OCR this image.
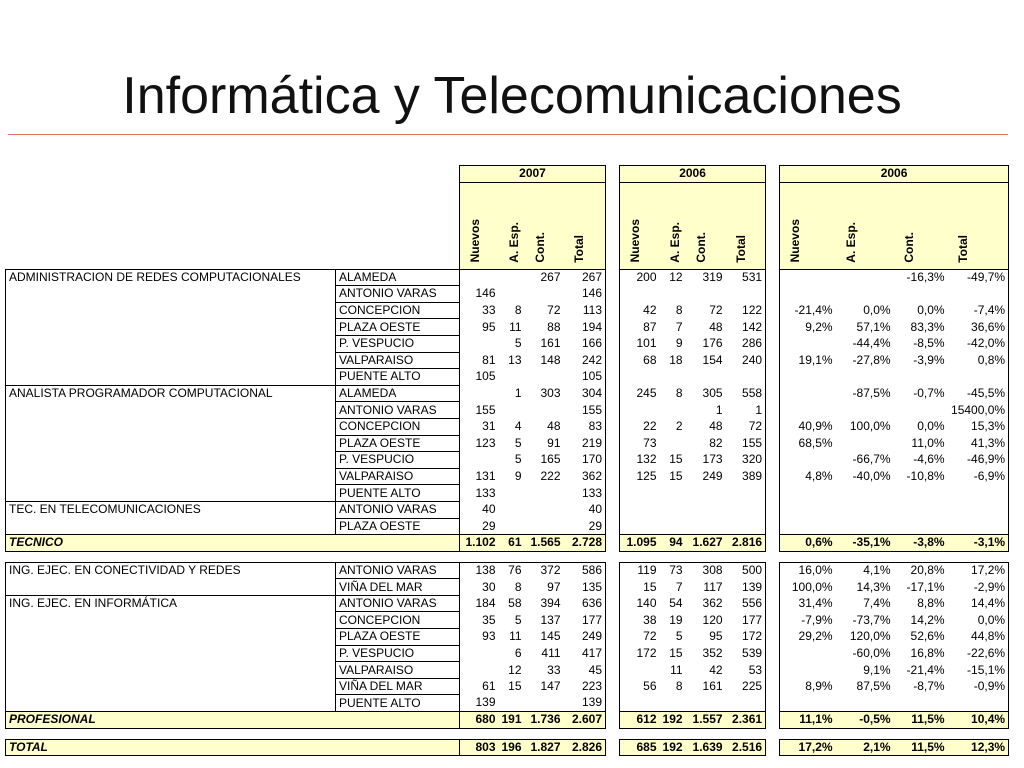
Informática y Telecomunicaciones
		2007					2006					2006			
		Nuevos	A. Esp.	Cont.	Total		Nuevos	A. Esp.	Cont.	Total		Nuevos	A. Esp.	Cont.	Total
ADMINISTRACION DE REDES COMPUTACIONALES	ALAMEDA			267	267		200	12	319	531				-16,3%	-49,7%
	ANTONIO VARAS	146			146										
	CONCEPCION	33	8	72	113		42	8	72	122		-21,4%	0,0%	0,0%	-7,4%
	PLAZA OESTE	95	11	88	194		87	7	48	142		9,2%	57,1%	83,3%	36,6%
	P. VESPUCIO		5	161	166		101	9	176	286			-44,4%	-8,5%	-42,0%
	VALPARAISO	81	13	148	242		68	18	154	240		19,1%	-27,8%	-3,9%	0,8%
	PUENTE ALTO	105			105										
ANALISTA PROGRAMADOR COMPUTACIONAL	ALAMEDA		1	303	304		245	8	305	558			-87,5%	-0,7%	-45,5%
	ANTONIO VARAS	155			155				1	1					15400,0%
	CONCEPCION	31	4	48	83		22	2	48	72		40,9%	100,0%	0,0%	15,3%
	PLAZA OESTE	123	5	91	219		73		82	155		68,5%		11,0%	41,3%
	P. VESPUCIO		5	165	170		132	15	173	320			-66,7%	-4,6%	-46,9%
	VALPARAISO	131	9	222	362		125	15	249	389		4,8%	-40,0%	-10,8%	-6,9%
	PUENTE ALTO	133			133										
TEC. EN TELECOMUNICACIONES	ANTONIO VARAS	40			40										
	PLAZA OESTE	29			29										
TECNICO		1.102	61	1.565	2.728		1.095	94	1.627	2.816		0,6%	-35,1%	-3,8%	-3,1%

ING. EJEC. EN CONECTIVIDAD Y REDES	ANTONIO VARAS	138	76	372	586		119	73	308	500		16,0%	4,1%	20,8%	17,2%
	VIÑA DEL MAR	30	8	97	135		15	7	117	139		100,0%	14,3%	-17,1%	-2,9%
ING. EJEC. EN INFORMÁTICA	ANTONIO VARAS	184	58	394	636		140	54	362	556		31,4%	7,4%	8,8%	14,4%
	CONCEPCION	35	5	137	177		38	19	120	177		-7,9%	-73,7%	14,2%	0,0%
	PLAZA OESTE	93	11	145	249		72	5	95	172		29,2%	120,0%	52,6%	44,8%
	P. VESPUCIO		6	411	417		172	15	352	539			-60,0%	16,8%	-22,6%
	VALPARAISO		12	33	45			11	42	53			9,1%	-21,4%	-15,1%
	VIÑA DEL MAR	61	15	147	223		56	8	161	225		8,9%	87,5%	-8,7%	-0,9%
	PUENTE ALTO	139			139										
PROFESIONAL		680	191	1.736	2.607		612	192	1.557	2.361		11,1%	-0,5%	11,5%	10,4%

TOTAL		803	196	1.827	2.826		685	192	1.639	2.516		17,2%	2,1%	11,5%	12,3%
